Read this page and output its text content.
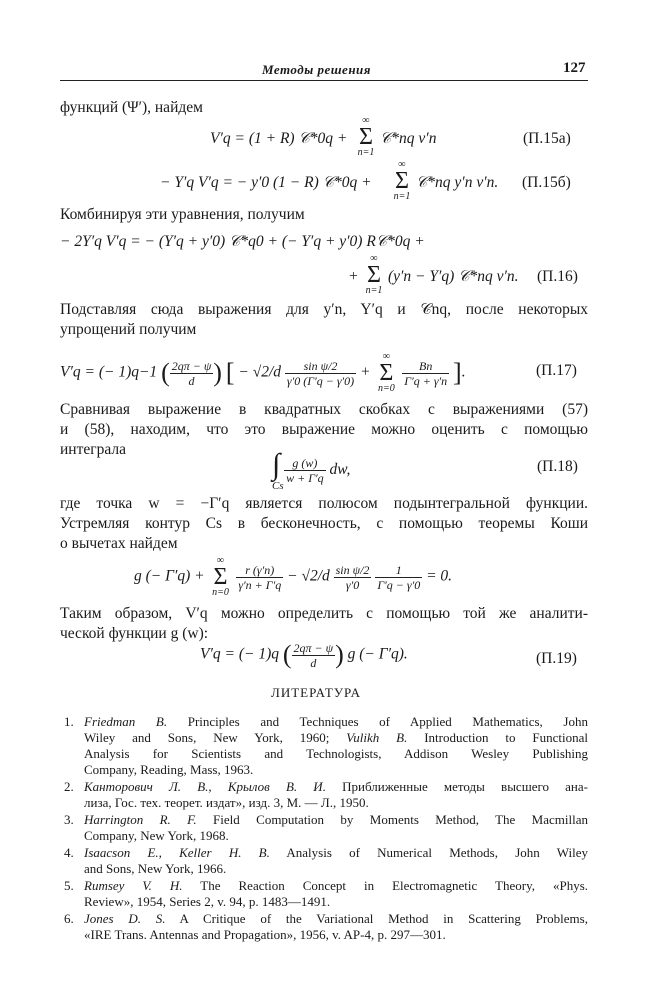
Методы решения	127
функций (Ψ′), найдем
V′q = (1 + R) 𝒞*0q +
∞
Σ
n=1
𝒞*nq v′n	(П.15а)
− Y′q V′q = − y′0 (1 − R) 𝒞*0q +
∞
Σ
n=1
𝒞*nq y′n v′n. (П.15б)
Комбинируя эти уравнения, получим
− 2Y′q V′q = − (Y′q + y′0) 𝒞*q0 + (− Y′q + y′0) R𝒞*0q +
+
∞
Σ
n=1
(y′n − Y′q) 𝒞*nq v′n. (П.16)
Подставляя сюда выражения для y′n, Y′q и 𝒞nq, после некоторых
упрощений получим
V′q = (− 1)q−1 ( $\frac{2q\pi - \psi}{d}$ ) [ − $√2/d \frac{\text{sin ψ/2}}{\gamma'0 (\Gamma'q - \gamma'0)}$ +
∞
Σ
n=0

$\frac{Bn}{\Gamma'q + \gamma'n}$ ].	(П.17)
Сравнивая выражение в квадратных скобках с выражениями (57)
и (58), находим, что это выражение можно оценить с помощью
интеграла	∫ $\frac{g (w)}{w + \Gamma'q}$ dw,
Cs
(П.18)
где точка w = −Γ′q является полюсом подынтегральной функции.
Устремляя контур Cs в бесконечность, с помощью теоремы Коши
о вычетах найдем
g (− Γ′q) +
∞
Σ
n=0

$\frac{r (\gamma'n)}{\gamma'n + \Gamma'q} - √2/d \frac{\text{sin ψ/2}}{\gamma'0}$
$\frac{1}{\Gamma'q - \gamma'0} = 0$.
Таким образом, V′q можно определить с помощью той же аналити-
ческой функции g (w):
V′q = (− 1)q ( $\frac{2q\pi - \psi}{d}$ ) g (− Γ′q).	(П.19)
ЛИТЕРАТУРА
1. Friedman B. Principles and Techniques of Applied Mathematics, John
Wiley and Sons, New York, 1960; Vulikh B. Introduction to Functional
Analysis for Scientists and Technologists, Addison Wesley Publishing
Company, Reading, Mass, 1963.
2. Канторович Л. В., Крылов В. И. Приближенные методы высшего ана-
лиза, Гос. тех. теорет. издат», изд. 3, М. — Л., 1950.
3. Harrington R. F. Field Computation by Moments Method, The Macmillan
Company, New York, 1968.
4. Isaacson E., Keller H. B. Analysis of Numerical Methods, John Wiley
and Sons, New York, 1966.
5. Rumsey V. H. The Reaction Concept in Electromagnetic Theory, «Phys.
Review», 1954, Series 2, v. 94, p. 1483—1491.
6. Jones D. S. A Critique of the Variational Method in Scattering Problems,
«IRE Trans. Antennas and Propagation», 1956, v. AP-4, p. 297—301.
